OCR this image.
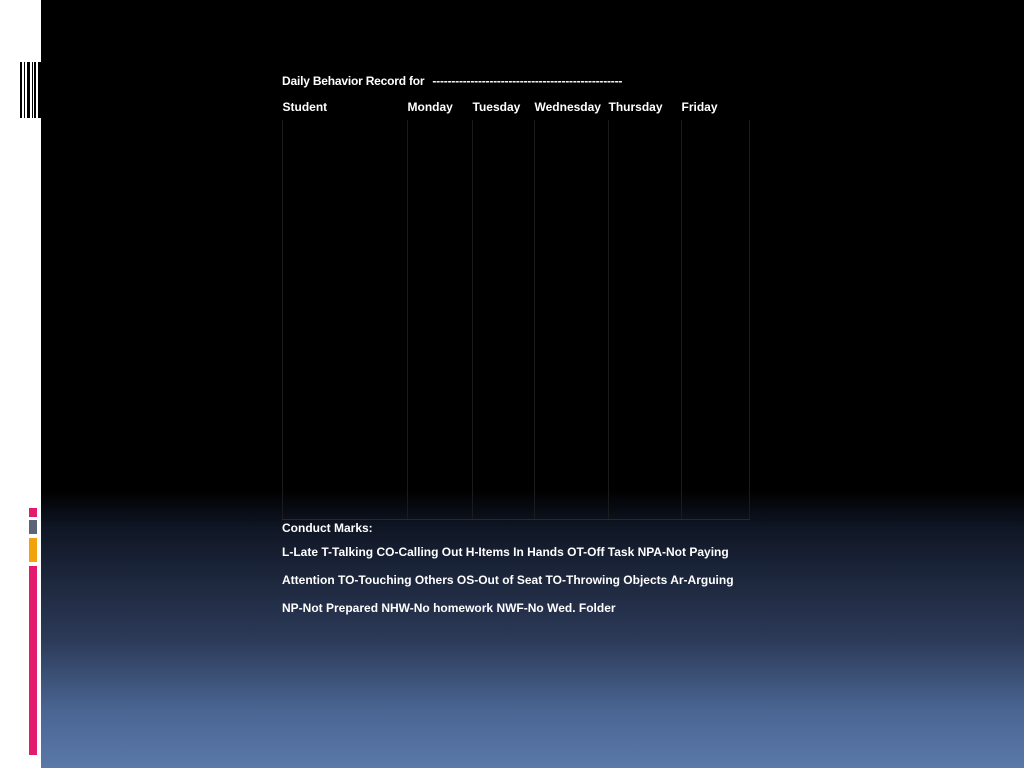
Daily Behavior Record for --------------------------------------------------
Student	Monday	Tuesday	Wednesday	Thursday	Friday

Conduct Marks:
L-Late T-Talking CO-Calling Out H-Items In Hands OT-Off Task NPA-Not Paying
Attention TO-Touching Others OS-Out of Seat TO-Throwing Objects Ar-Arguing
NP-Not Prepared NHW-No homework NWF-No Wed. Folder
